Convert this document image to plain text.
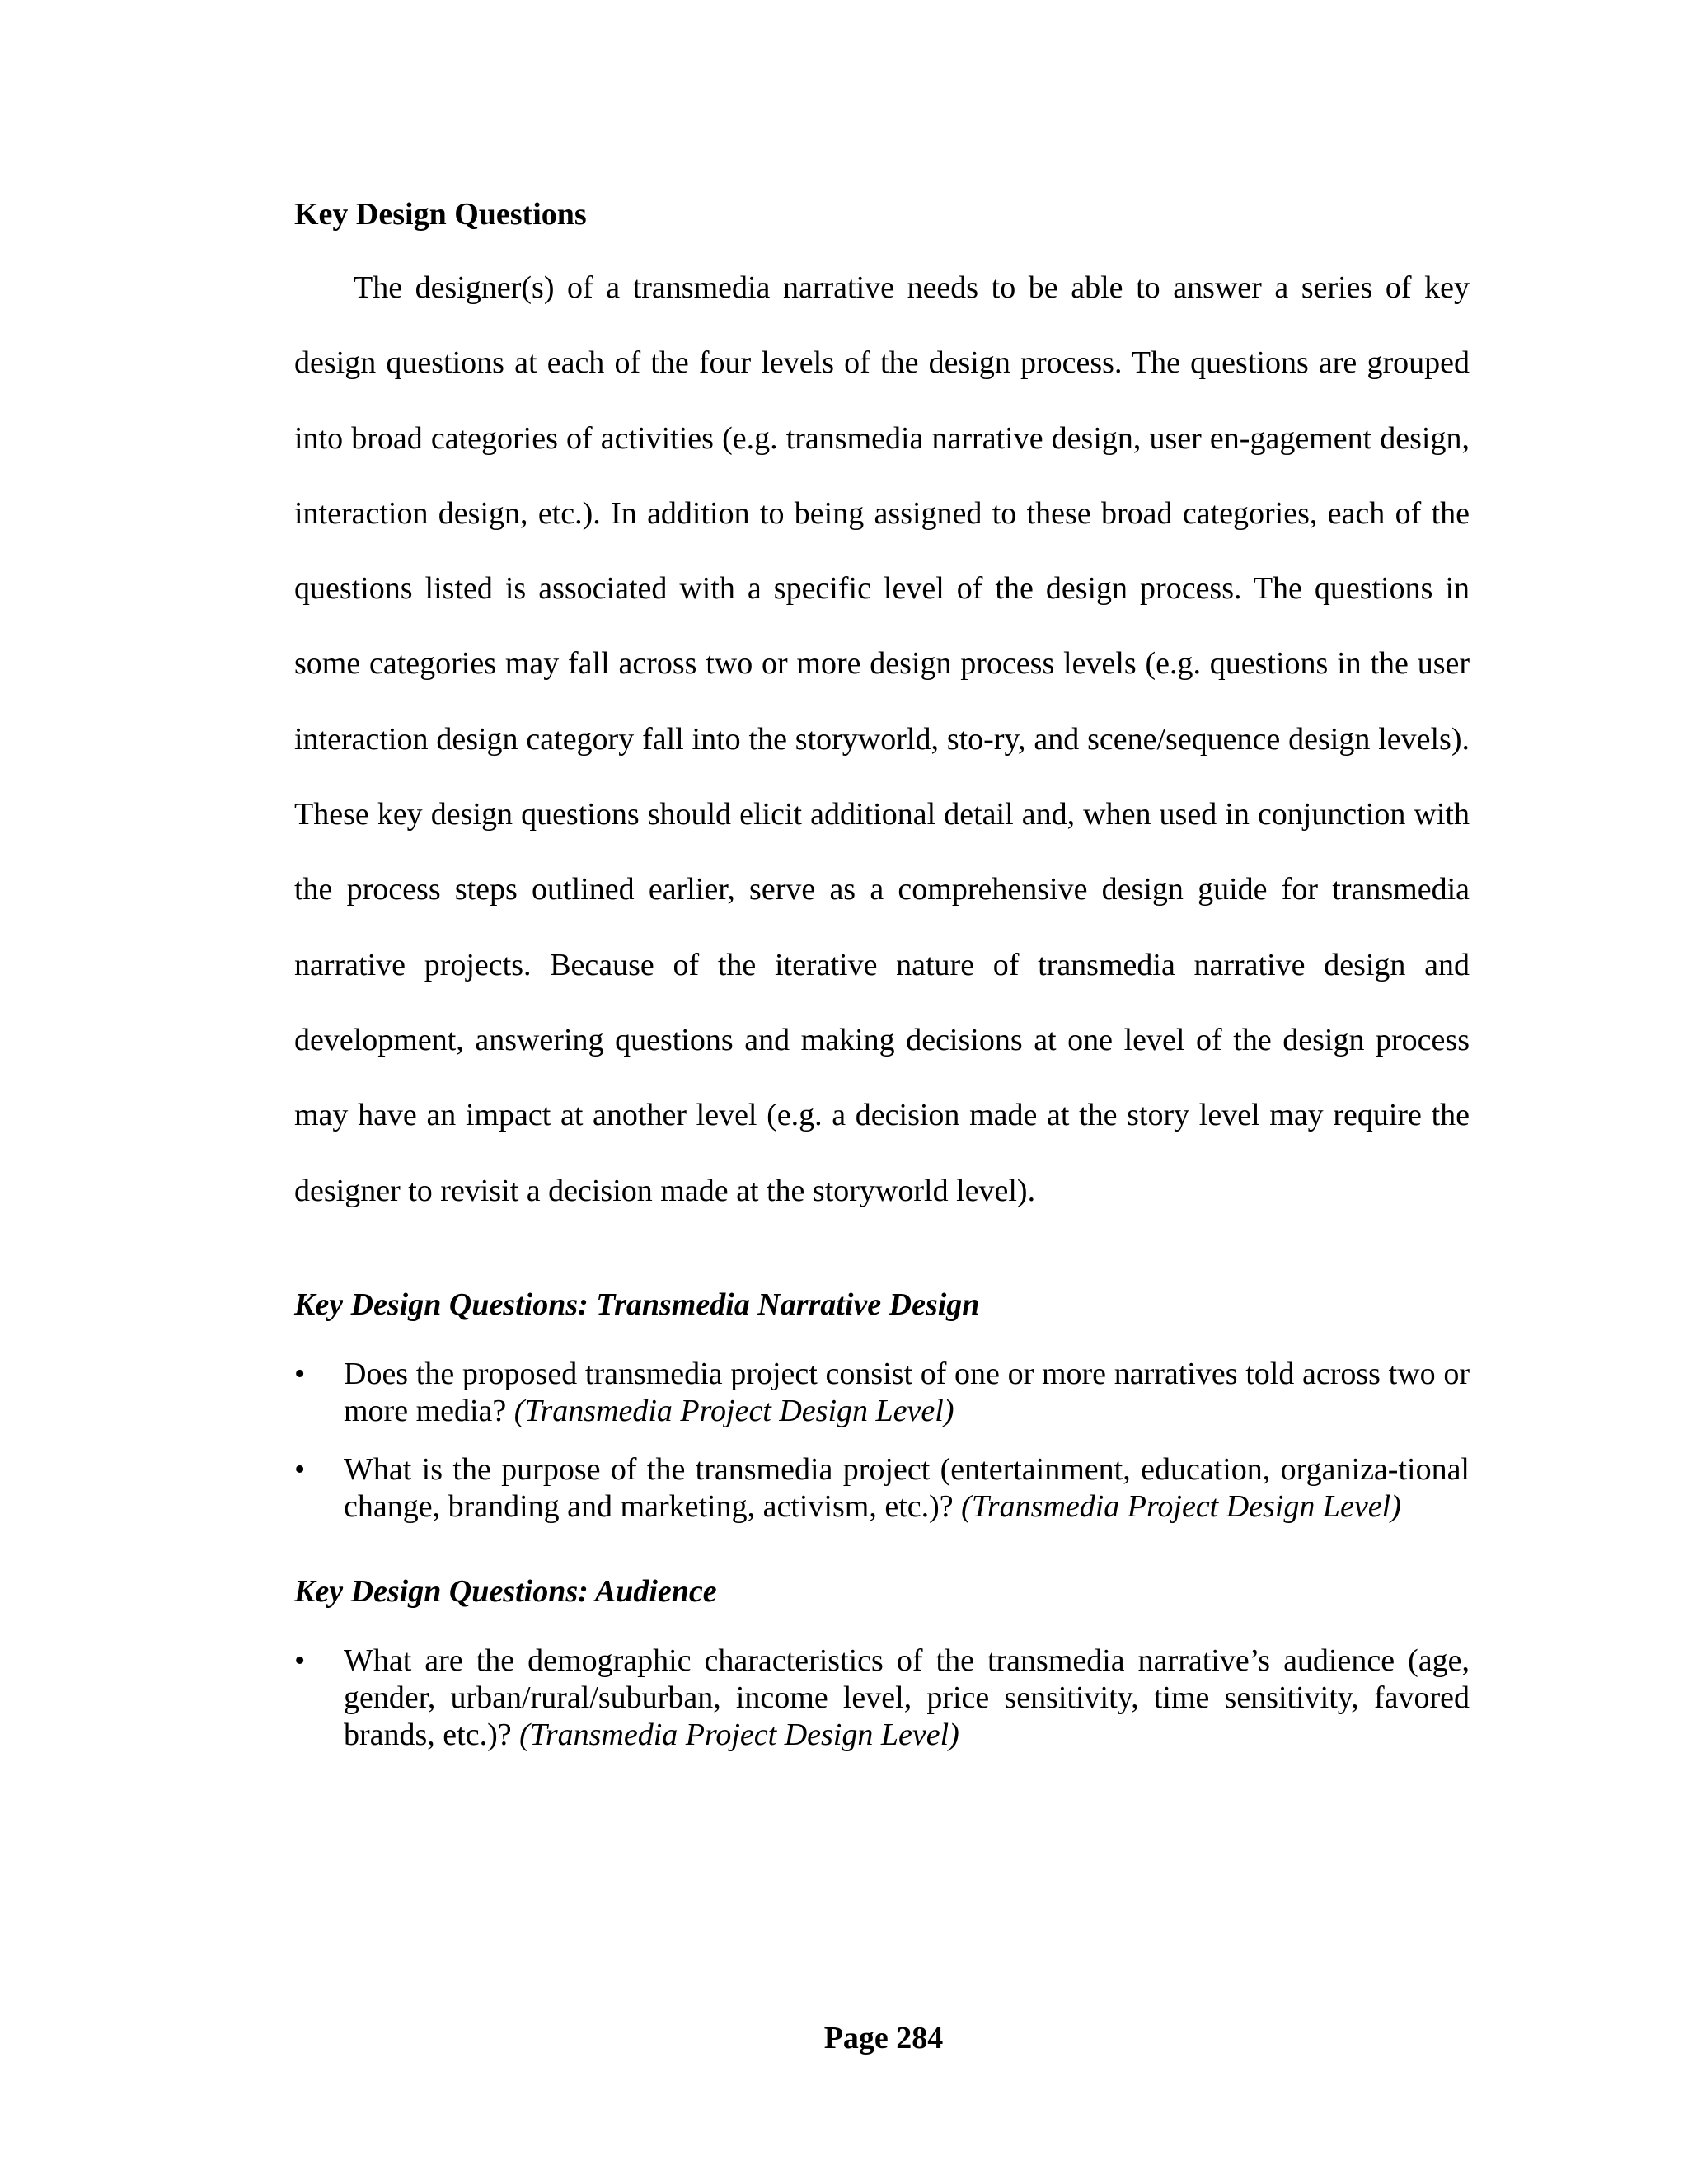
Key Design Questions

The designer(s) of a transmedia narrative needs to be able to answer a series of key design questions at each of the four levels of the design process. The questions are grouped into broad categories of activities (e.g. transmedia narrative design, user en-gagement design, interaction design, etc.). In addition to being assigned to these broad categories, each of the questions listed is associated with a specific level of the design process. The questions in some categories may fall across two or more design process levels (e.g. questions in the user interaction design category fall into the storyworld, sto-ry, and scene/sequence design levels). These key design questions should elicit additional detail and, when used in conjunction with the process steps outlined earlier, serve as a comprehensive design guide for transmedia narrative projects. Because of the iterative nature of transmedia narrative design and development, answering questions and making decisions at one level of the design process may have an impact at another level (e.g. a decision made at the story level may require the designer to revisit a decision made at the storyworld level).

Key Design Questions: Transmedia Narrative Design
•	Does the proposed transmedia project consist of one or more narratives told across two or more media? (Transmedia Project Design Level)
•	What is the purpose of the transmedia project (entertainment, education, organiza-tional change, branding and marketing, activism, etc.)? (Transmedia Project Design Level)
Key Design Questions: Audience
•	What are the demographic characteristics of the transmedia narrative’s audience (age, gender, urban/rural/suburban, income level, price sensitivity, time sensitivity, favored brands, etc.)? (Transmedia Project Design Level)
Page 284
